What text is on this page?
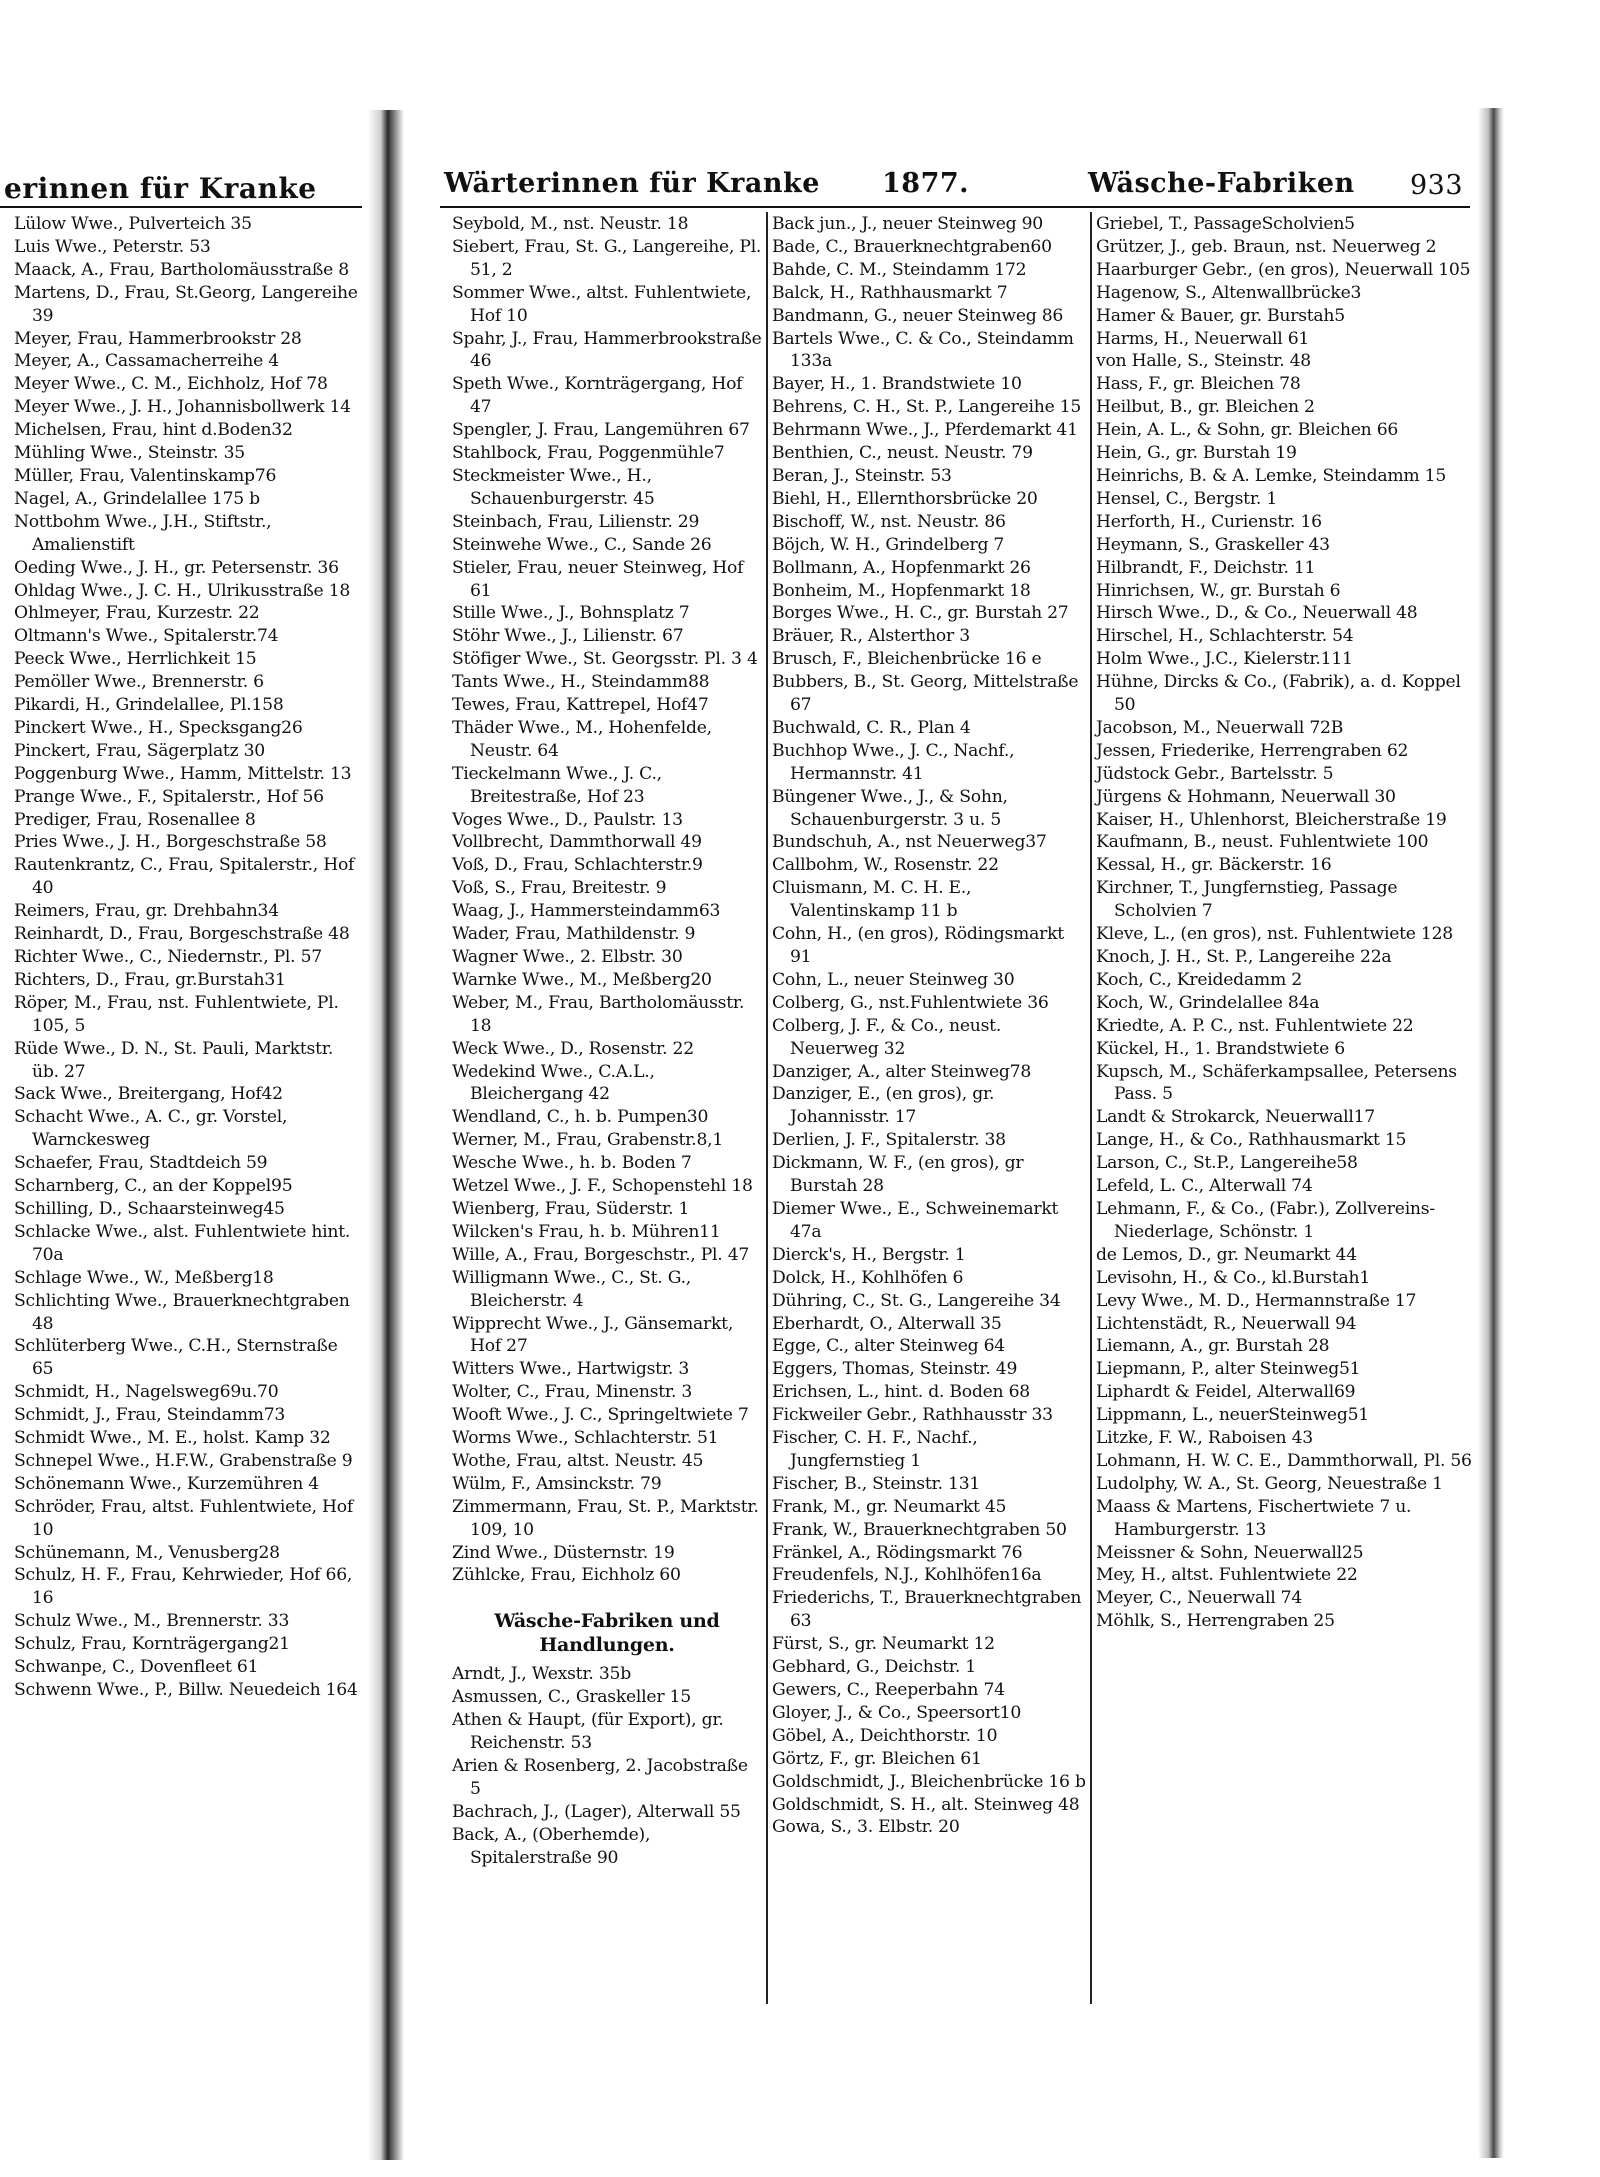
erinnen für Kranke
Lülow Wwe., Pulverteich 35
Luis Wwe., Peterstr. 53
Maack, A., Frau, Bartholomäusstraße 8
Martens, D., Frau, St.Georg, Langereihe 39
Meyer, Frau, Hammerbrookstr 28
Meyer, A., Cassamacherreihe 4
Meyer Wwe., C. M., Eichholz, Hof 78
Meyer Wwe., J. H., Johannisbollwerk 14
Michelsen, Frau, hint d.Boden32
Mühling Wwe., Steinstr. 35
Müller, Frau, Valentinskamp76
Nagel, A., Grindelallee 175 b
Nottbohm Wwe., J.H., Stiftstr., Amalienstift
Oeding Wwe., J. H., gr. Petersenstr. 36
Ohldag Wwe., J. C. H., Ulrikusstraße 18
Ohlmeyer, Frau, Kurzestr. 22
Oltmann's Wwe., Spitalerstr.74
Peeck Wwe., Herrlichkeit 15
Pemöller Wwe., Brennerstr. 6
Pikardi, H., Grindelallee, Pl.158
Pinckert Wwe., H., Specksgang26
Pinckert, Frau, Sägerplatz 30
Poggenburg Wwe., Hamm, Mittelstr. 13
Prange Wwe., F., Spitalerstr., Hof 56
Prediger, Frau, Rosenallee 8
Pries Wwe., J. H., Borgeschstraße 58
Rautenkrantz, C., Frau, Spitalerstr., Hof 40
Reimers, Frau, gr. Drehbahn34
Reinhardt, D., Frau, Borgeschstraße 48
Richter Wwe., C., Niedernstr., Pl. 57
Richters, D., Frau, gr.Burstah31
Röper, M., Frau, nst. Fuhlentwiete, Pl. 105, 5
Rüde Wwe., D. N., St. Pauli, Marktstr. üb. 27
Sack Wwe., Breitergang, Hof42
Schacht Wwe., A. C., gr. Vorstel, Warnckesweg
Schaefer, Frau, Stadtdeich 59
Scharnberg, C., an der Koppel95
Schilling, D., Schaarsteinweg45
Schlacke Wwe., alst. Fuhlentwiete hint. 70a
Schlage Wwe., W., Meßberg18
Schlichting Wwe., Brauerknechtgraben 48
Schlüterberg Wwe., C.H., Sternstraße 65
Schmidt, H., Nagelsweg69u.70
Schmidt, J., Frau, Steindamm73
Schmidt Wwe., M. E., holst. Kamp 32
Schnepel Wwe., H.F.W., Grabenstraße 9
Schönemann Wwe., Kurzemühren 4
Schröder, Frau, altst. Fuhlentwiete, Hof 10
Schünemann, M., Venusberg28
Schulz, H. F., Frau, Kehrwieder, Hof 66, 16
Schulz Wwe., M., Brennerstr. 33
Schulz, Frau, Kornträgergang21
Schwanpe, C., Dovenfleet 61
Schwenn Wwe., P., Billw. Neuedeich 164
Wärterinnen für Kranke 1877.	Wäsche-Fabriken 933
Seybold, M., nst. Neustr. 18
Siebert, Frau, St. G., Langereihe, Pl. 51, 2
Sommer Wwe., altst. Fuhlentwiete, Hof 10
Spahr, J., Frau, Hammerbrookstraße 46
Speth Wwe., Kornträgergang, Hof 47
Spengler, J. Frau, Langemühren 67
Stahlbock, Frau, Poggenmühle7
Steckmeister Wwe., H., Schauenburgerstr. 45
Steinbach, Frau, Lilienstr. 29
Steinwehe Wwe., C., Sande 26
Stieler, Frau, neuer Steinweg, Hof 61
Stille Wwe., J., Bohnsplatz 7
Stöhr Wwe., J., Lilienstr. 67
Stöfiger Wwe., St. Georgsstr. Pl. 3 4
Tants Wwe., H., Steindamm88
Tewes, Frau, Kattrepel, Hof47
Thäder Wwe., M., Hohenfelde, Neustr. 64
Tieckelmann Wwe., J. C., Breitestraße, Hof 23
Voges Wwe., D., Paulstr. 13
Vollbrecht, Dammthorwall 49
Voß, D., Frau, Schlachterstr.9
Voß, S., Frau, Breitestr. 9
Waag, J., Hammersteindamm63
Wader, Frau, Mathildenstr. 9
Wagner Wwe., 2. Elbstr. 30
Warnke Wwe., M., Meßberg20
Weber, M., Frau, Bartholomäusstr. 18
Weck Wwe., D., Rosenstr. 22
Wedekind Wwe., C.A.L., Bleichergang 42
Wendland, C., h. b. Pumpen30
Werner, M., Frau, Grabenstr.8,1
Wesche Wwe., h. b. Boden 7
Wetzel Wwe., J. F., Schopenstehl 18
Wienberg, Frau, Süderstr. 1
Wilcken's Frau, h. b. Mühren11
Wille, A., Frau, Borgeschstr., Pl. 47
Willigmann Wwe., C., St. G., Bleicherstr. 4
Wipprecht Wwe., J., Gänsemarkt, Hof 27
Witters Wwe., Hartwigstr. 3
Wolter, C., Frau, Minenstr. 3
Wooft Wwe., J. C., Springeltwiete 7
Worms Wwe., Schlachterstr. 51
Wothe, Frau, altst. Neustr. 45
Wülm, F., Amsinckstr. 79
Zimmermann, Frau, St. P., Marktstr. 109, 10
Zind Wwe., Düsternstr. 19
Zühlcke, Frau, Eichholz 60
Wäsche-Fabriken und Handlungen.
Arndt, J., Wexstr. 35b
Asmussen, C., Graskeller 15
Athen & Haupt, (für Export), gr. Reichenstr. 53
Arien & Rosenberg, 2. Jacobstraße 5
Bachrach, J., (Lager), Alterwall 55
Back, A., (Oberhemde), Spitalerstraße 90
Back jun., J., neuer Steinweg 90
Bade, C., Brauerknechtgraben60
Bahde, C. M., Steindamm 172
Balck, H., Rathhausmarkt 7
Bandmann, G., neuer Steinweg 86
Bartels Wwe., C. & Co., Steindamm 133a
Bayer, H., 1. Brandstwiete 10
Behrens, C. H., St. P., Langereihe 15
Behrmann Wwe., J., Pferdemarkt 41
Benthien, C., neust. Neustr. 79
Beran, J., Steinstr. 53
Biehl, H., Ellernthorsbrücke 20
Bischoff, W., nst. Neustr. 86
Böjch, W. H., Grindelberg 7
Bollmann, A., Hopfenmarkt 26
Bonheim, M., Hopfenmarkt 18
Borges Wwe., H. C., gr. Burstah 27
Bräuer, R., Alsterthor 3
Brusch, F., Bleichenbrücke 16 e
Bubbers, B., St. Georg, Mittelstraße 67
Buchwald, C. R., Plan 4
Buchhop Wwe., J. C., Nachf., Hermannstr. 41
Büngener Wwe., J., & Sohn, Schauenburgerstr. 3 u. 5
Bundschuh, A., nst Neuerweg37
Callbohm, W., Rosenstr. 22
Cluismann, M. C. H. E., Valentinskamp 11 b
Cohn, H., (en gros), Rödingsmarkt 91
Cohn, L., neuer Steinweg 30
Colberg, G., nst.Fuhlentwiete 36
Colberg, J. F., & Co., neust. Neuerweg 32
Danziger, A., alter Steinweg78
Danziger, E., (en gros), gr. Johannisstr. 17
Derlien, J. F., Spitalerstr. 38
Dickmann, W. F., (en gros), gr Burstah 28
Diemer Wwe., E., Schweinemarkt 47a
Dierck's, H., Bergstr. 1
Dolck, H., Kohlhöfen 6
Dühring, C., St. G., Langereihe 34
Eberhardt, O., Alterwall 35
Egge, C., alter Steinweg 64
Eggers, Thomas, Steinstr. 49
Erichsen, L., hint. d. Boden 68
Fickweiler Gebr., Rathhausstr 33
Fischer, C. H. F., Nachf., Jungfernstieg 1
Fischer, B., Steinstr. 131
Frank, M., gr. Neumarkt 45
Frank, W., Brauerknechtgraben 50
Fränkel, A., Rödingsmarkt 76
Freudenfels, N.J., Kohlhöfen16a
Friederichs, T., Brauerknechtgraben 63
Fürst, S., gr. Neumarkt 12
Gebhard, G., Deichstr. 1
Gewers, C., Reeperbahn 74
Gloyer, J., & Co., Speersort10
Göbel, A., Deichthorstr. 10
Görtz, F., gr. Bleichen 61
Goldschmidt, J., Bleichenbrücke 16 b
Goldschmidt, S. H., alt. Steinweg 48
Gowa, S., 3. Elbstr. 20
Griebel, T., PassageScholvien5
Grützer, J., geb. Braun, nst. Neuerweg 2
Haarburger Gebr., (en gros), Neuerwall 105
Hagenow, S., Altenwallbrücke3
Hamer & Bauer, gr. Burstah5
Harms, H., Neuerwall 61
von Halle, S., Steinstr. 48
Hass, F., gr. Bleichen 78
Heilbut, B., gr. Bleichen 2
Hein, A. L., & Sohn, gr. Bleichen 66
Hein, G., gr. Burstah 19
Heinrichs, B. & A. Lemke, Steindamm 15
Hensel, C., Bergstr. 1
Herforth, H., Curienstr. 16
Heymann, S., Graskeller 43
Hilbrandt, F., Deichstr. 11
Hinrichsen, W., gr. Burstah 6
Hirsch Wwe., D., & Co., Neuerwall 48
Hirschel, H., Schlachterstr. 54
Holm Wwe., J.C., Kielerstr.111
Hühne, Dircks & Co., (Fabrik), a. d. Koppel 50
Jacobson, M., Neuerwall 72B
Jessen, Friederike, Herrengraben 62
Jüdstock Gebr., Bartelsstr. 5
Jürgens & Hohmann, Neuerwall 30
Kaiser, H., Uhlenhorst, Bleicherstraße 19
Kaufmann, B., neust. Fuhlentwiete 100
Kessal, H., gr. Bäckerstr. 16
Kirchner, T., Jungfernstieg, Passage Scholvien 7
Kleve, L., (en gros), nst. Fuhlentwiete 128
Knoch, J. H., St. P., Langereihe 22a
Koch, C., Kreidedamm 2
Koch, W., Grindelallee 84a
Kriedte, A. P. C., nst. Fuhlentwiete 22
Kückel, H., 1. Brandstwiete 6
Kupsch, M., Schäferkampsallee, Petersens Pass. 5
Landt & Strokarck, Neuerwall17
Lange, H., & Co., Rathhausmarkt 15
Larson, C., St.P., Langereihe58
Lefeld, L. C., Alterwall 74
Lehmann, F., & Co., (Fabr.), Zollvereins-Niederlage, Schönstr. 1
de Lemos, D., gr. Neumarkt 44
Levisohn, H., & Co., kl.Burstah1
Levy Wwe., M. D., Hermannstraße 17
Lichtenstädt, R., Neuerwall 94
Liemann, A., gr. Burstah 28
Liepmann, P., alter Steinweg51
Liphardt & Feidel, Alterwall69
Lippmann, L., neuerSteinweg51
Litzke, F. W., Raboisen 43
Lohmann, H. W. C. E., Dammthorwall, Pl. 56
Ludolphy, W. A., St. Georg, Neuestraße 1
Maass & Martens, Fischertwiete 7 u. Hamburgerstr. 13
Meissner & Sohn, Neuerwall25
Mey, H., altst. Fuhlentwiete 22
Meyer, C., Neuerwall 74
Möhlk, S., Herrengraben 25
